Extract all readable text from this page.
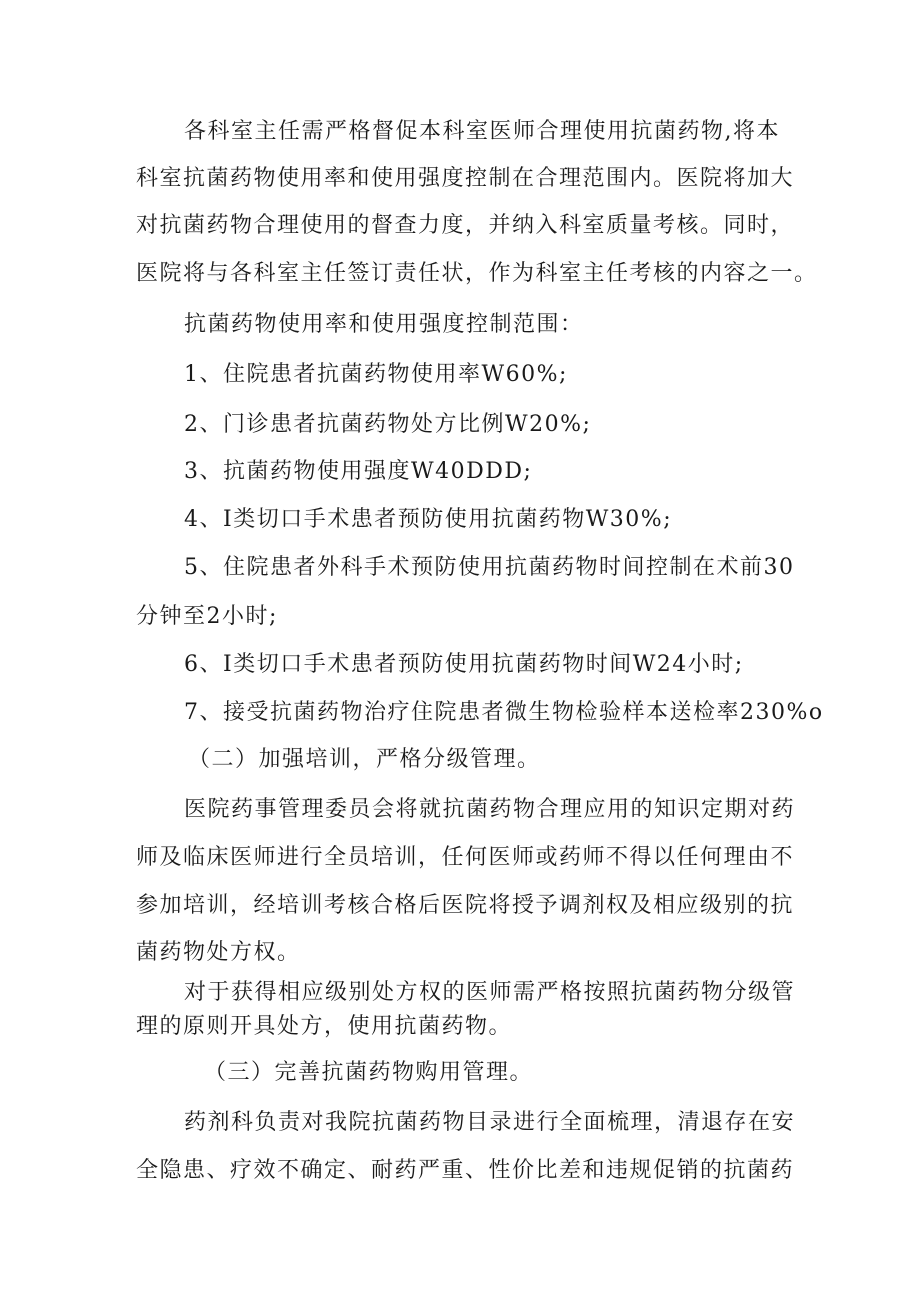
各科室主任需严格督促本科室医师合理使用抗菌药物,将本
科室抗菌药物使用率和使用强度控制在合理范围内。医院将加大
对抗菌药物合理使用的督查力度，并纳入科室质量考核。同时，
医院将与各科室主任签订责任状，作为科室主任考核的内容之一。
抗菌药物使用率和使用强度控制范围：
1、住院患者抗菌药物使用率W60%;
2、门诊患者抗菌药物处方比例W20%;
3、抗菌药物使用强度W40DDD;
4、I类切口手术患者预防使用抗菌药物W30%;
5、住院患者外科手术预防使用抗菌药物时间控制在术前30
分钟至2小时;
6、I类切口手术患者预防使用抗菌药物时间W24小时;
7、接受抗菌药物治疗住院患者微生物检验样本送检率230%o
（二）加强培训，严格分级管理。
医院药事管理委员会将就抗菌药物合理应用的知识定期对药
师及临床医师进行全员培训，任何医师或药师不得以任何理由不
参加培训，经培训考核合格后医院将授予调剂权及相应级别的抗
菌药物处方权。
对于获得相应级别处方权的医师需严格按照抗菌药物分级管
理的原则开具处方，使用抗菌药物。
（三）完善抗菌药物购用管理。
药剂科负责对我院抗菌药物目录进行全面梳理，清退存在安
全隐患、疗效不确定、耐药严重、性价比差和违规促销的抗菌药
